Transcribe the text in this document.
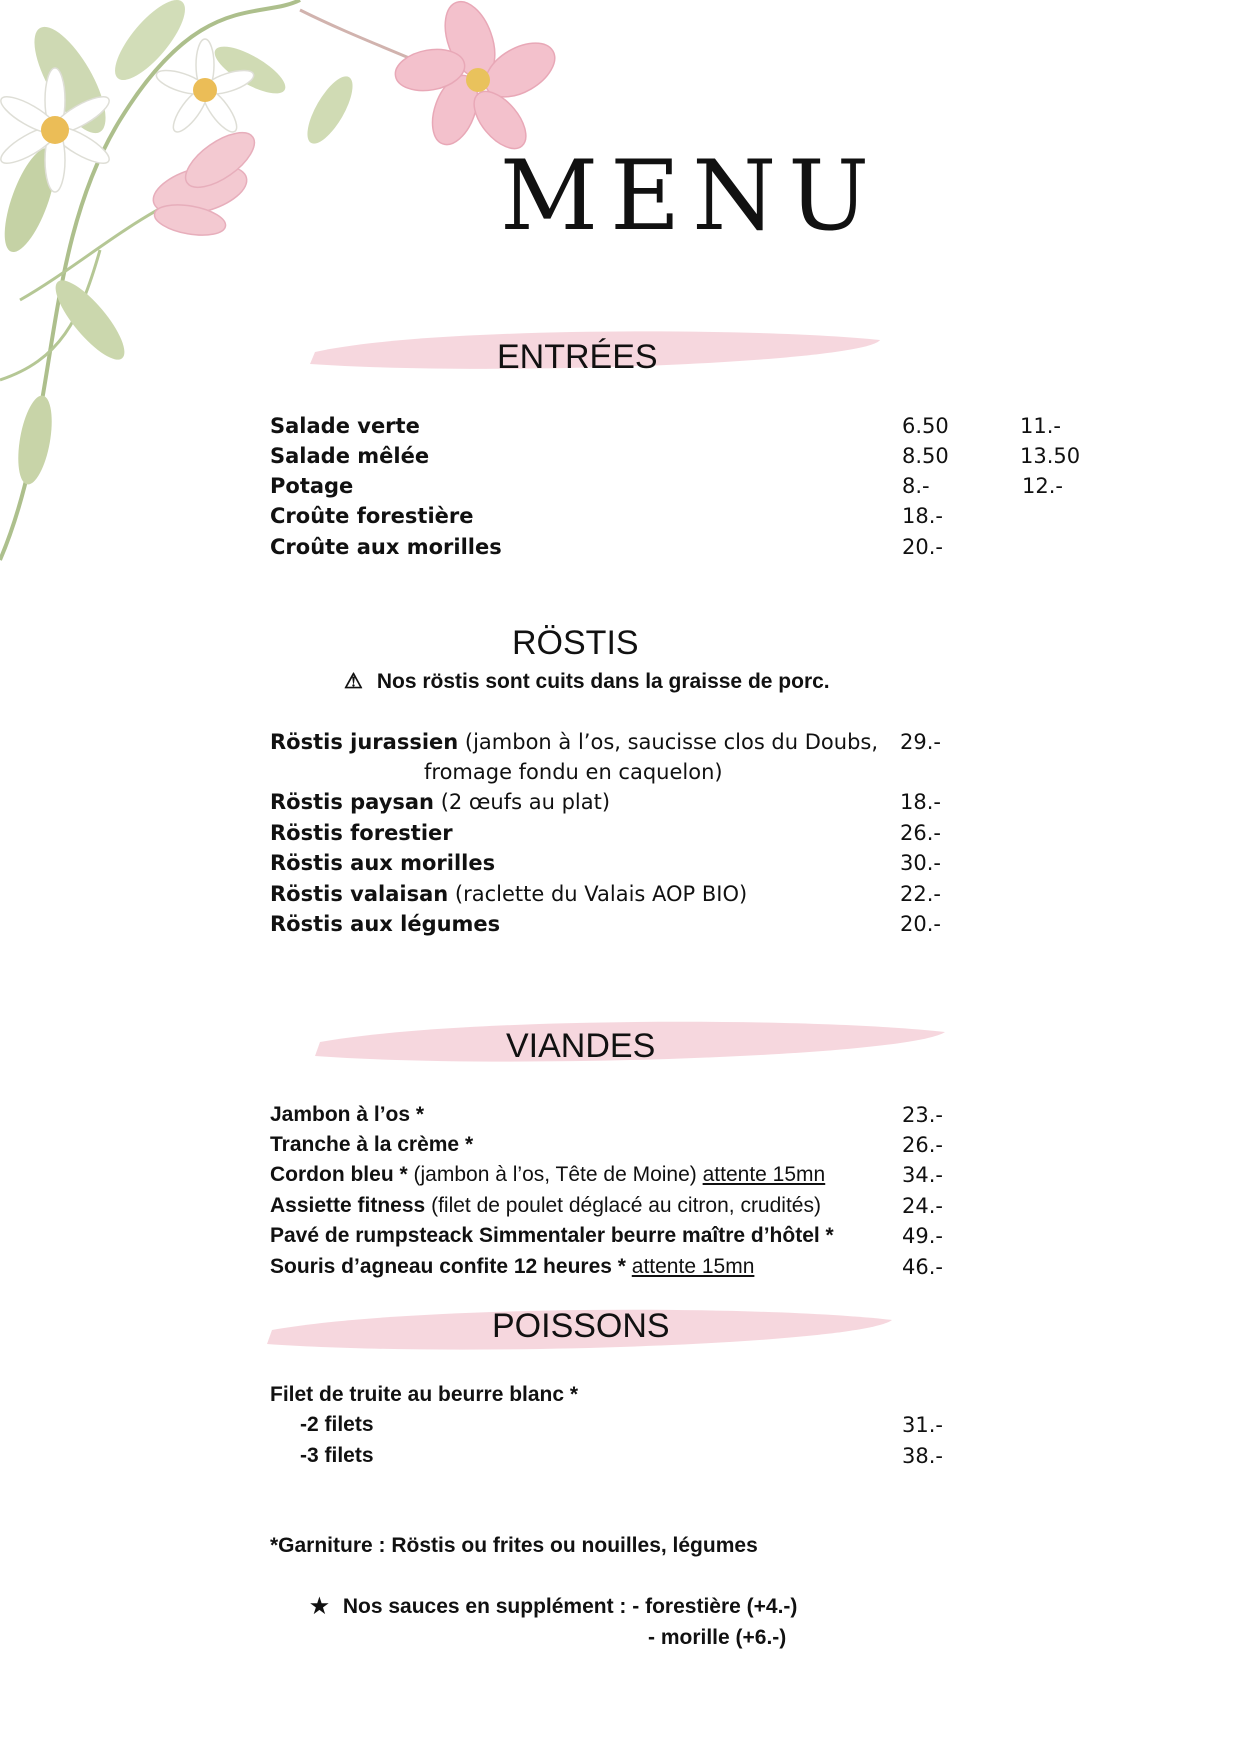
MENU
ENTRÉES
Salade verte	6.50	11.-
Salade mêlée	8.50	13.50
Potage	8.-	12.-
Croûte forestière	18.-
Croûte aux morilles	20.-
RÖSTIS
⚠ Nos röstis sont cuits dans la graisse de porc.
Röstis jurassien (jambon à l’os, saucisse clos du Doubs,
fromage fondu en caquelon)
29.-
Röstis paysan (2 œufs au plat)	18.-
Röstis forestier	26.-
Röstis aux morilles	30.-
Röstis valaisan (raclette du Valais AOP BIO)	22.-
Röstis aux légumes	20.-
VIANDES
Jambon à l’os *	23.-
Tranche à la crème *	26.-
Cordon bleu * (jambon à l’os, Tête de Moine) attente 15mn	34.-
Assiette fitness (filet de poulet déglacé au citron, crudités)	24.-
Pavé de rumpsteack Simmentaler beurre maître d’hôtel *	49.-
Souris d’agneau confite 12 heures * attente 15mn	46.-
POISSONS
Filet de truite au beurre blanc *
-2 filets	31.-
-3 filets	38.-
*Garniture : Röstis ou frites ou nouilles, légumes
★ Nos sauces en supplément : - forestière (+4.-)
- morille (+6.-)
